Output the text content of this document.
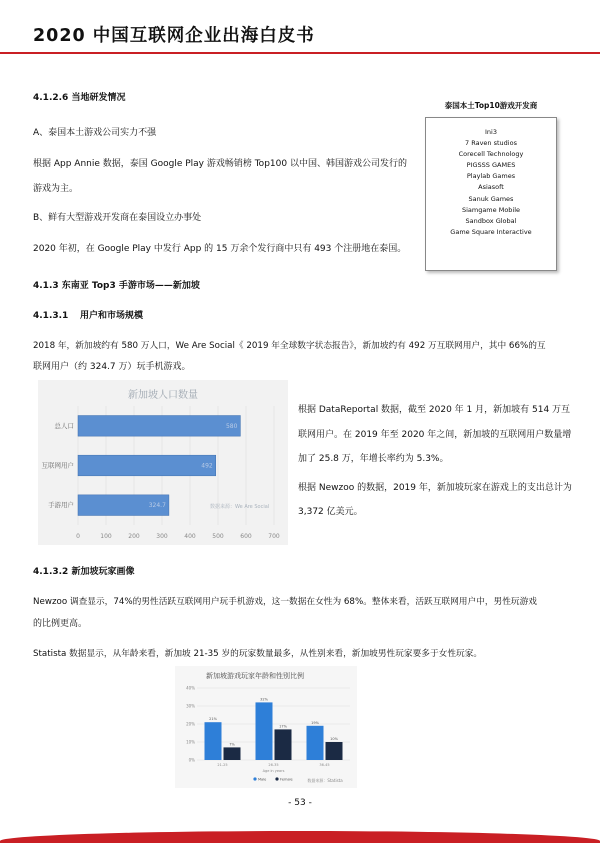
2020 中国互联网企业出海白皮书
4.1.2.6 当地研发情况
A、泰国本土游戏公司实力不强
根据 App Annie 数据，泰国 Google Play 游戏畅销榜 Top100 以中国、韩国游戏公司发行的
游戏为主。
B、鲜有大型游戏开发商在泰国设立办事处
2020 年初，在 Google Play 中发行 App 的 15 万余个发行商中只有 493 个注册地在泰国。
泰国本土Top10游戏开发商
Ini3
7 Raven studios
Corecell Technology
PIGSSS GAMES
Playlab Games
Asiasoft
Sanuk Games
Siamgame Mobile
Sandbox Global
Game Square Interactive
4.1.3 东南亚 Top3 手游市场——新加坡
4.1.3.1 用户和市场规模
2018 年，新加坡约有 580 万人口，We Are Social《 2019 年全球数字状态报告》，新加坡约有 492 万互联网用户，其中 66%的互
联网用户（约 324.7 万）玩手机游戏。
新加坡人口数量
0	100	200	300	400	500	600	700
总人口	580
互联网用户	492
手游用户	324.7	数据来源：We Are Social
根据 DataReportal 数据，截至 2020 年 1 月，新加坡有 514 万互
联网用户。在 2019 年至 2020 年之间，新加坡的互联网用户数量增
加了 25.8 万，年增长率约为 5.3%。
根据 Newzoo 的数据，2019 年，新加坡玩家在游戏上的支出总计为
3,372 亿美元。
4.1.3.2 新加坡玩家画像
Newzoo 调查显示，74%的男性活跃互联网用户玩手机游戏，这一数据在女性为 68%。整体来看，活跃互联网用户中，男性玩游戏
的比例更高。
Statista 数据显示，从年龄来看，新加坡 21-35 岁的玩家数量最多，从性别来看，新加坡男性玩家要多于女性玩家。
新加坡游戏玩家年龄和性别比例
0%
10%
20%
30%
40%
21%
7%
21-25
32%
17%
26-35
19%
10%
36-45
Age in years
Male	Female	数据来源：Statista
- 53 -
